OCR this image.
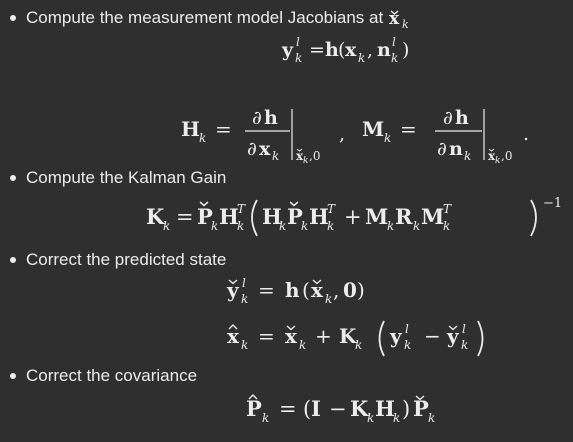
Compute the measurement model Jacobians at x k
Compute the Kalman Gain
Correct the predicted state
Correct the covariance
y l
k = h ( x k , n l
k )
H k = ∂ h
∂ x k x k ,0
, M k = ∂ h
∂ n k x k ,0
.
K
k = P
k H
T
k H
k P
k H
T
k + M
k R k M
T
k
−1
y l
k = h ( x k , 0 )
x k = x k + K
k y l
k − y l
k
P k = ( I − K
k H
k ) P k
